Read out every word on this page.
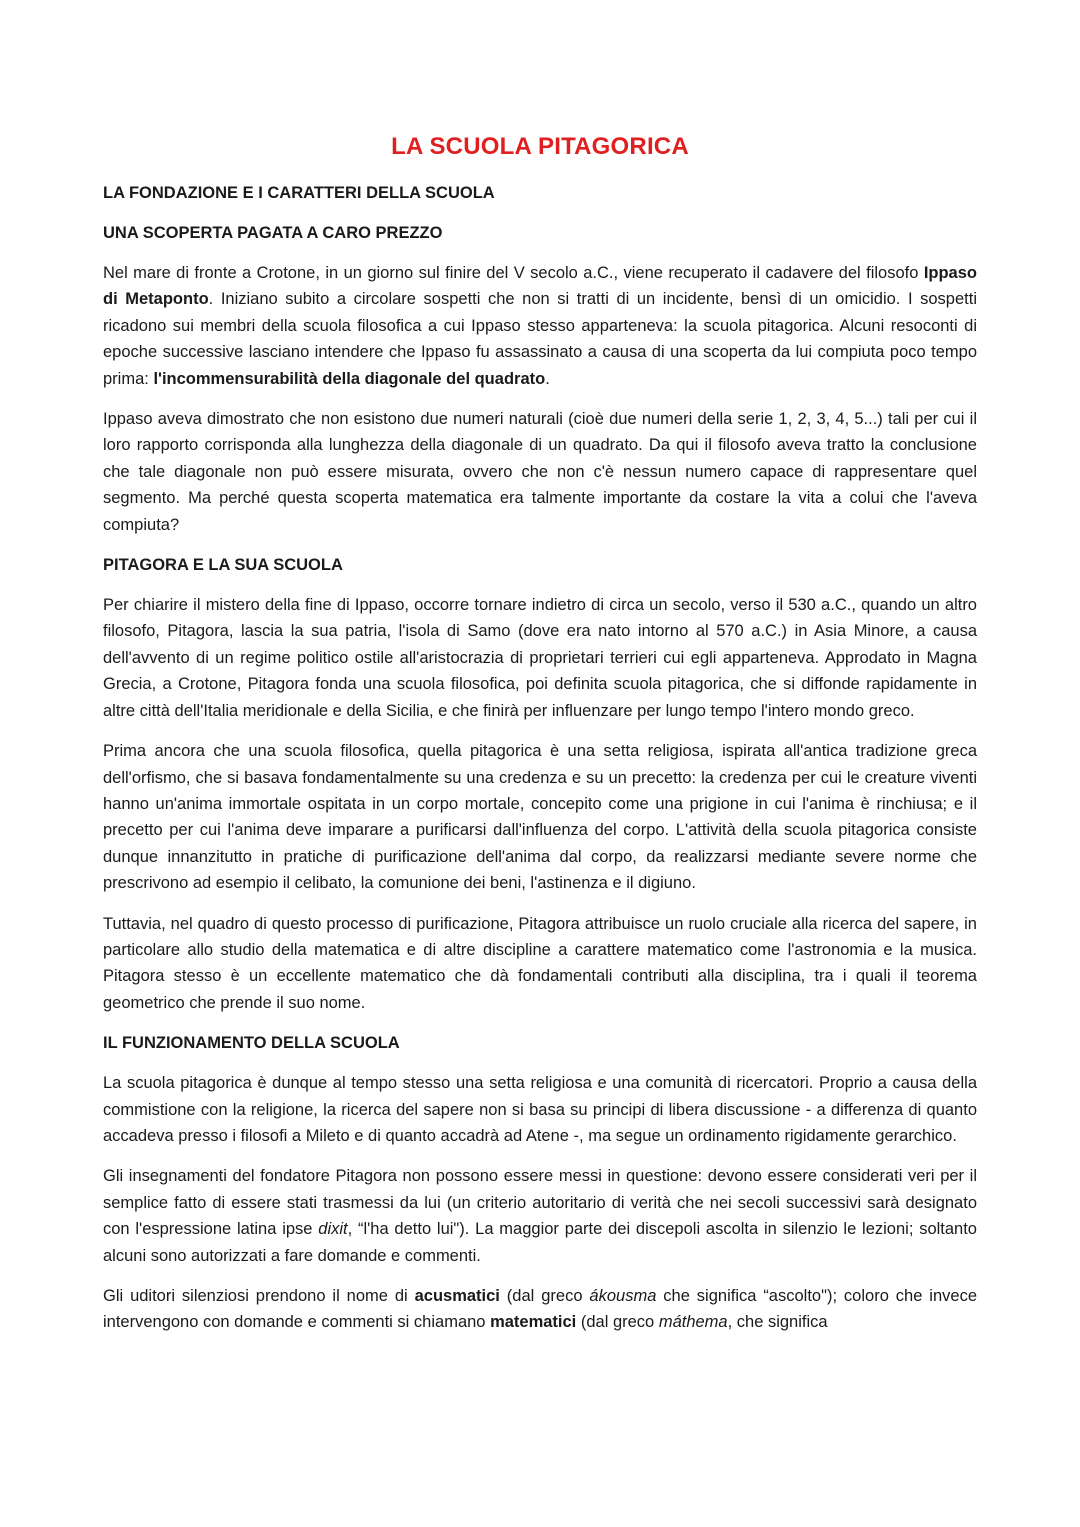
LA SCUOLA PITAGORICA
LA FONDAZIONE E I CARATTERI DELLA SCUOLA
UNA SCOPERTA PAGATA A CARO PREZZO

Nel mare di fronte a Crotone, in un giorno sul finire del V secolo a.C., viene recuperato il cadavere del filosofo Ippaso di Metaponto. Iniziano subito a circolare sospetti che non si tratti di un incidente, bensì di un omicidio. I sospetti ricadono sui membri della scuola filosofica a cui Ippaso stesso apparteneva: la scuola pitagorica. Alcuni resoconti di epoche successive lasciano intendere che Ippaso fu assassinato a causa di una scoperta da lui compiuta poco tempo prima: l'incommensurabilità della diagonale del quadrato.

Ippaso aveva dimostrato che non esistono due numeri naturali (cioè due numeri della serie 1, 2, 3, 4, 5...) tali per cui il loro rapporto corrisponda alla lunghezza della diagonale di un quadrato. Da qui il filosofo aveva tratto la conclusione che tale diagonale non può essere misurata, ovvero che non c'è nessun numero capace di rappresentare quel segmento. Ma perché questa scoperta matematica era talmente importante da costare la vita a colui che l'aveva compiuta?

PITAGORA E LA SUA SCUOLA

Per chiarire il mistero della fine di Ippaso, occorre tornare indietro di circa un secolo, verso il 530 a.C., quando un altro filosofo, Pitagora, lascia la sua patria, l'isola di Samo (dove era nato intorno al 570 a.C.) in Asia Minore, a causa dell'avvento di un regime politico ostile all'aristocrazia di proprietari terrieri cui egli apparteneva. Approdato in Magna Grecia, a Crotone, Pitagora fonda una scuola filosofica, poi definita scuola pitagorica, che si diffonde rapidamente in altre città dell'Italia meridionale e della Sicilia, e che finirà per influenzare per lungo tempo l'intero mondo greco.

Prima ancora che una scuola filosofica, quella pitagorica è una setta religiosa, ispirata all'antica tradizione greca dell'orfismo, che si basava fondamentalmente su una credenza e su un precetto: la credenza per cui le creature viventi hanno un'anima immortale ospitata in un corpo mortale, concepito come una prigione in cui l'anima è rinchiusa; e il precetto per cui l'anima deve imparare a purificarsi dall'influenza del corpo. L'attività della scuola pitagorica consiste dunque innanzitutto in pratiche di purificazione dell'anima dal corpo, da realizzarsi mediante severe norme che prescrivono ad esempio il celibato, la comunione dei beni, l'astinenza e il digiuno.

Tuttavia, nel quadro di questo processo di purificazione, Pitagora attribuisce un ruolo cruciale alla ricerca del sapere, in particolare allo studio della matematica e di altre discipline a carattere matematico come l'astronomia e la musica. Pitagora stesso è un eccellente matematico che dà fondamentali contributi alla disciplina, tra i quali il teorema geometrico che prende il suo nome.

IL FUNZIONAMENTO DELLA SCUOLA

La scuola pitagorica è dunque al tempo stesso una setta religiosa e una comunità di ricercatori. Proprio a causa della commistione con la religione, la ricerca del sapere non si basa su principi di libera discussione - a differenza di quanto accadeva presso i filosofi a Mileto e di quanto accadrà ad Atene -, ma segue un ordinamento rigidamente gerarchico.

Gli insegnamenti del fondatore Pitagora non possono essere messi in questione: devono essere considerati veri per il semplice fatto di essere stati trasmessi da lui (un criterio autoritario di verità che nei secoli successivi sarà designato con l'espressione latina ipse dixit, “l'ha detto lui"). La maggior parte dei discepoli ascolta in silenzio le lezioni; soltanto alcuni sono autorizzati a fare domande e commenti.

Gli uditori silenziosi prendono il nome di acusmatici (dal greco ákousma che significa “ascolto"); coloro che invece intervengono con domande e commenti si chiamano matematici (dal greco máthema, che significa
